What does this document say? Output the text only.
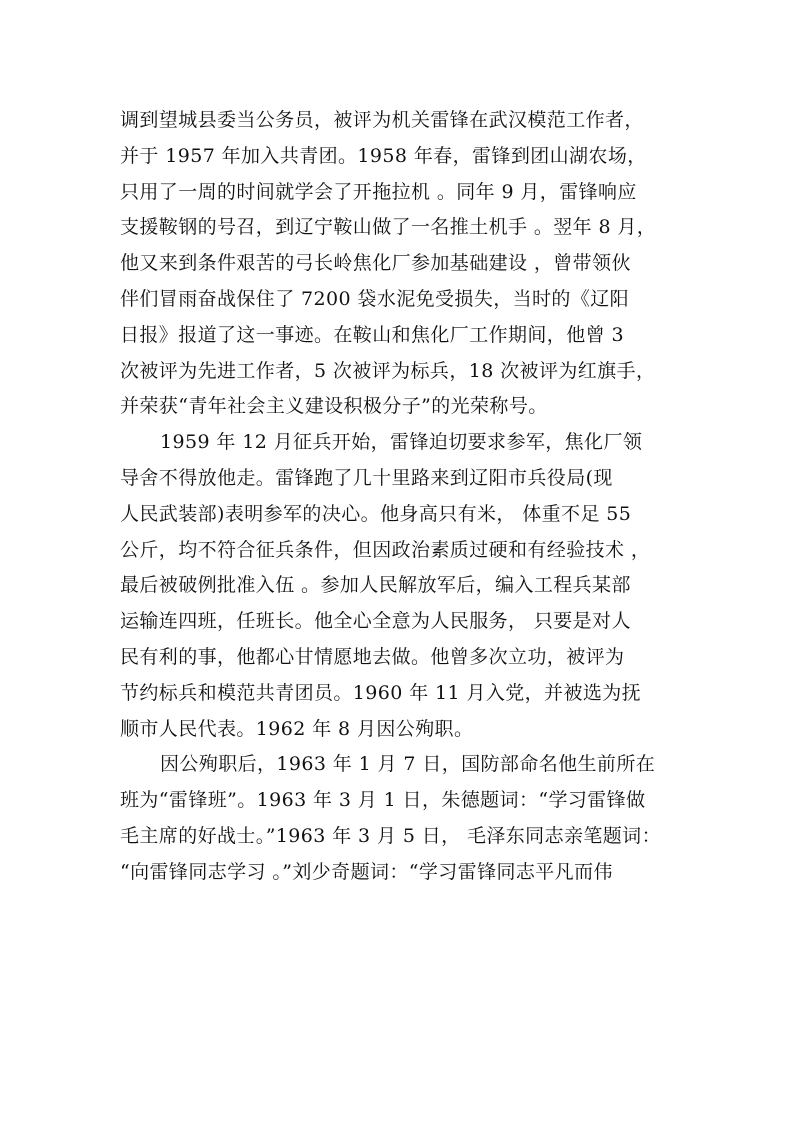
调到望城县委当公务员，被评为机关雷锋在武汉模范工作者，
并于 1957 年加入共青团。1958 年春，雷锋到团山湖农场，
只用了一周的时间就学会了开拖拉机 。同年 9 月，雷锋响应
支援鞍钢的号召，到辽宁鞍山做了一名推土机手 。翌年 8 月，
他又来到条件艰苦的弓长岭焦化厂参加基础建设 ，曾带领伙
伴们冒雨奋战保住了 7200 袋水泥免受损失，当时的《辽阳
日报》报道了这一事迹。在鞍山和焦化厂工作期间，他曾 3
次被评为先进工作者，5 次被评为标兵，18 次被评为红旗手，
并荣获“青年社会主义建设积极分子”的光荣称号。
1959 年 12 月征兵开始，雷锋迫切要求参军，焦化厂领
导舍不得放他走。雷锋跑了几十里路来到辽阳市兵役局(现
人民武装部)表明参军的决心。他身高只有米， 体重不足 55
公斤，均不符合征兵条件，但因政治素质过硬和有经验技术 ，
最后被破例批准入伍 。参加人民解放军后，编入工程兵某部
运输连四班，任班长。他全心全意为人民服务， 只要是对人
民有利的事，他都心甘情愿地去做。他曾多次立功，被评为
节约标兵和模范共青团员。1960 年 11 月入党，并被选为抚
顺市人民代表。1962 年 8 月因公殉职。
因公殉职后，1963 年 1 月 7 日，国防部命名他生前所在
班为“雷锋班”。1963 年 3 月 1 日，朱德题词：“学习雷锋做
毛主席的好战士。”1963 年 3 月 5 日， 毛泽东同志亲笔题词：
“向雷锋同志学习 。”刘少奇题词：“学习雷锋同志平凡而伟
